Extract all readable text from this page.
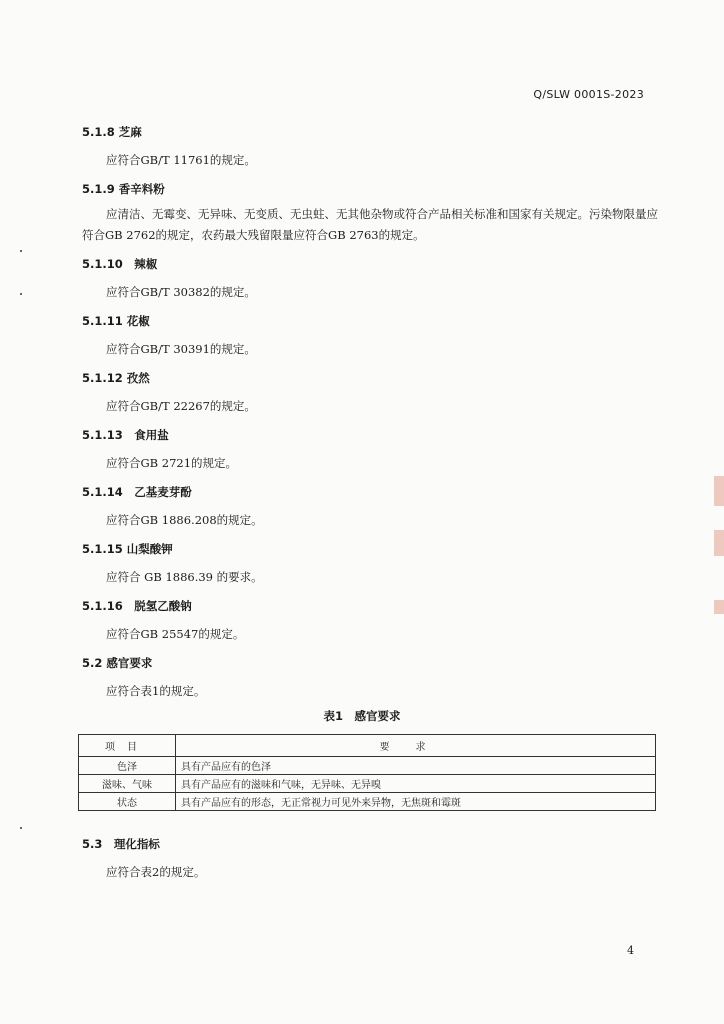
Q/SLW 0001S-2023
5.1.8 芝麻
应符合GB/T 11761的规定。
5.1.9 香辛料粉
应清洁、无霉变、无异味、无变质、无虫蛀、无其他杂物或符合产品相关标准和国家有关规定。污染物限量应符合GB 2762的规定，农药最大残留限量应符合GB 2763的规定。
5.1.10　辣椒
应符合GB/T 30382的规定。
5.1.11 花椒
应符合GB/T 30391的规定。
5.1.12 孜然
应符合GB/T 22267的规定。
5.1.13　食用盐
应符合GB 2721的规定。
5.1.14　乙基麦芽酚
应符合GB 1886.208的规定。
5.1.15 山梨酸钾
应符合 GB 1886.39 的要求。
5.1.16　脱氢乙酸钠
应符合GB 25547的规定。
5.2 感官要求
应符合表1的规定。
表1　感官要求
项目	要求
色泽	具有产品应有的色泽
滋味、气味	具有产品应有的滋味和气味，无异味、无异嗅
状态	具有产品应有的形态，无正常视力可见外来异物，无焦斑和霉斑
5.3　理化指标
应符合表2的规定。
4
